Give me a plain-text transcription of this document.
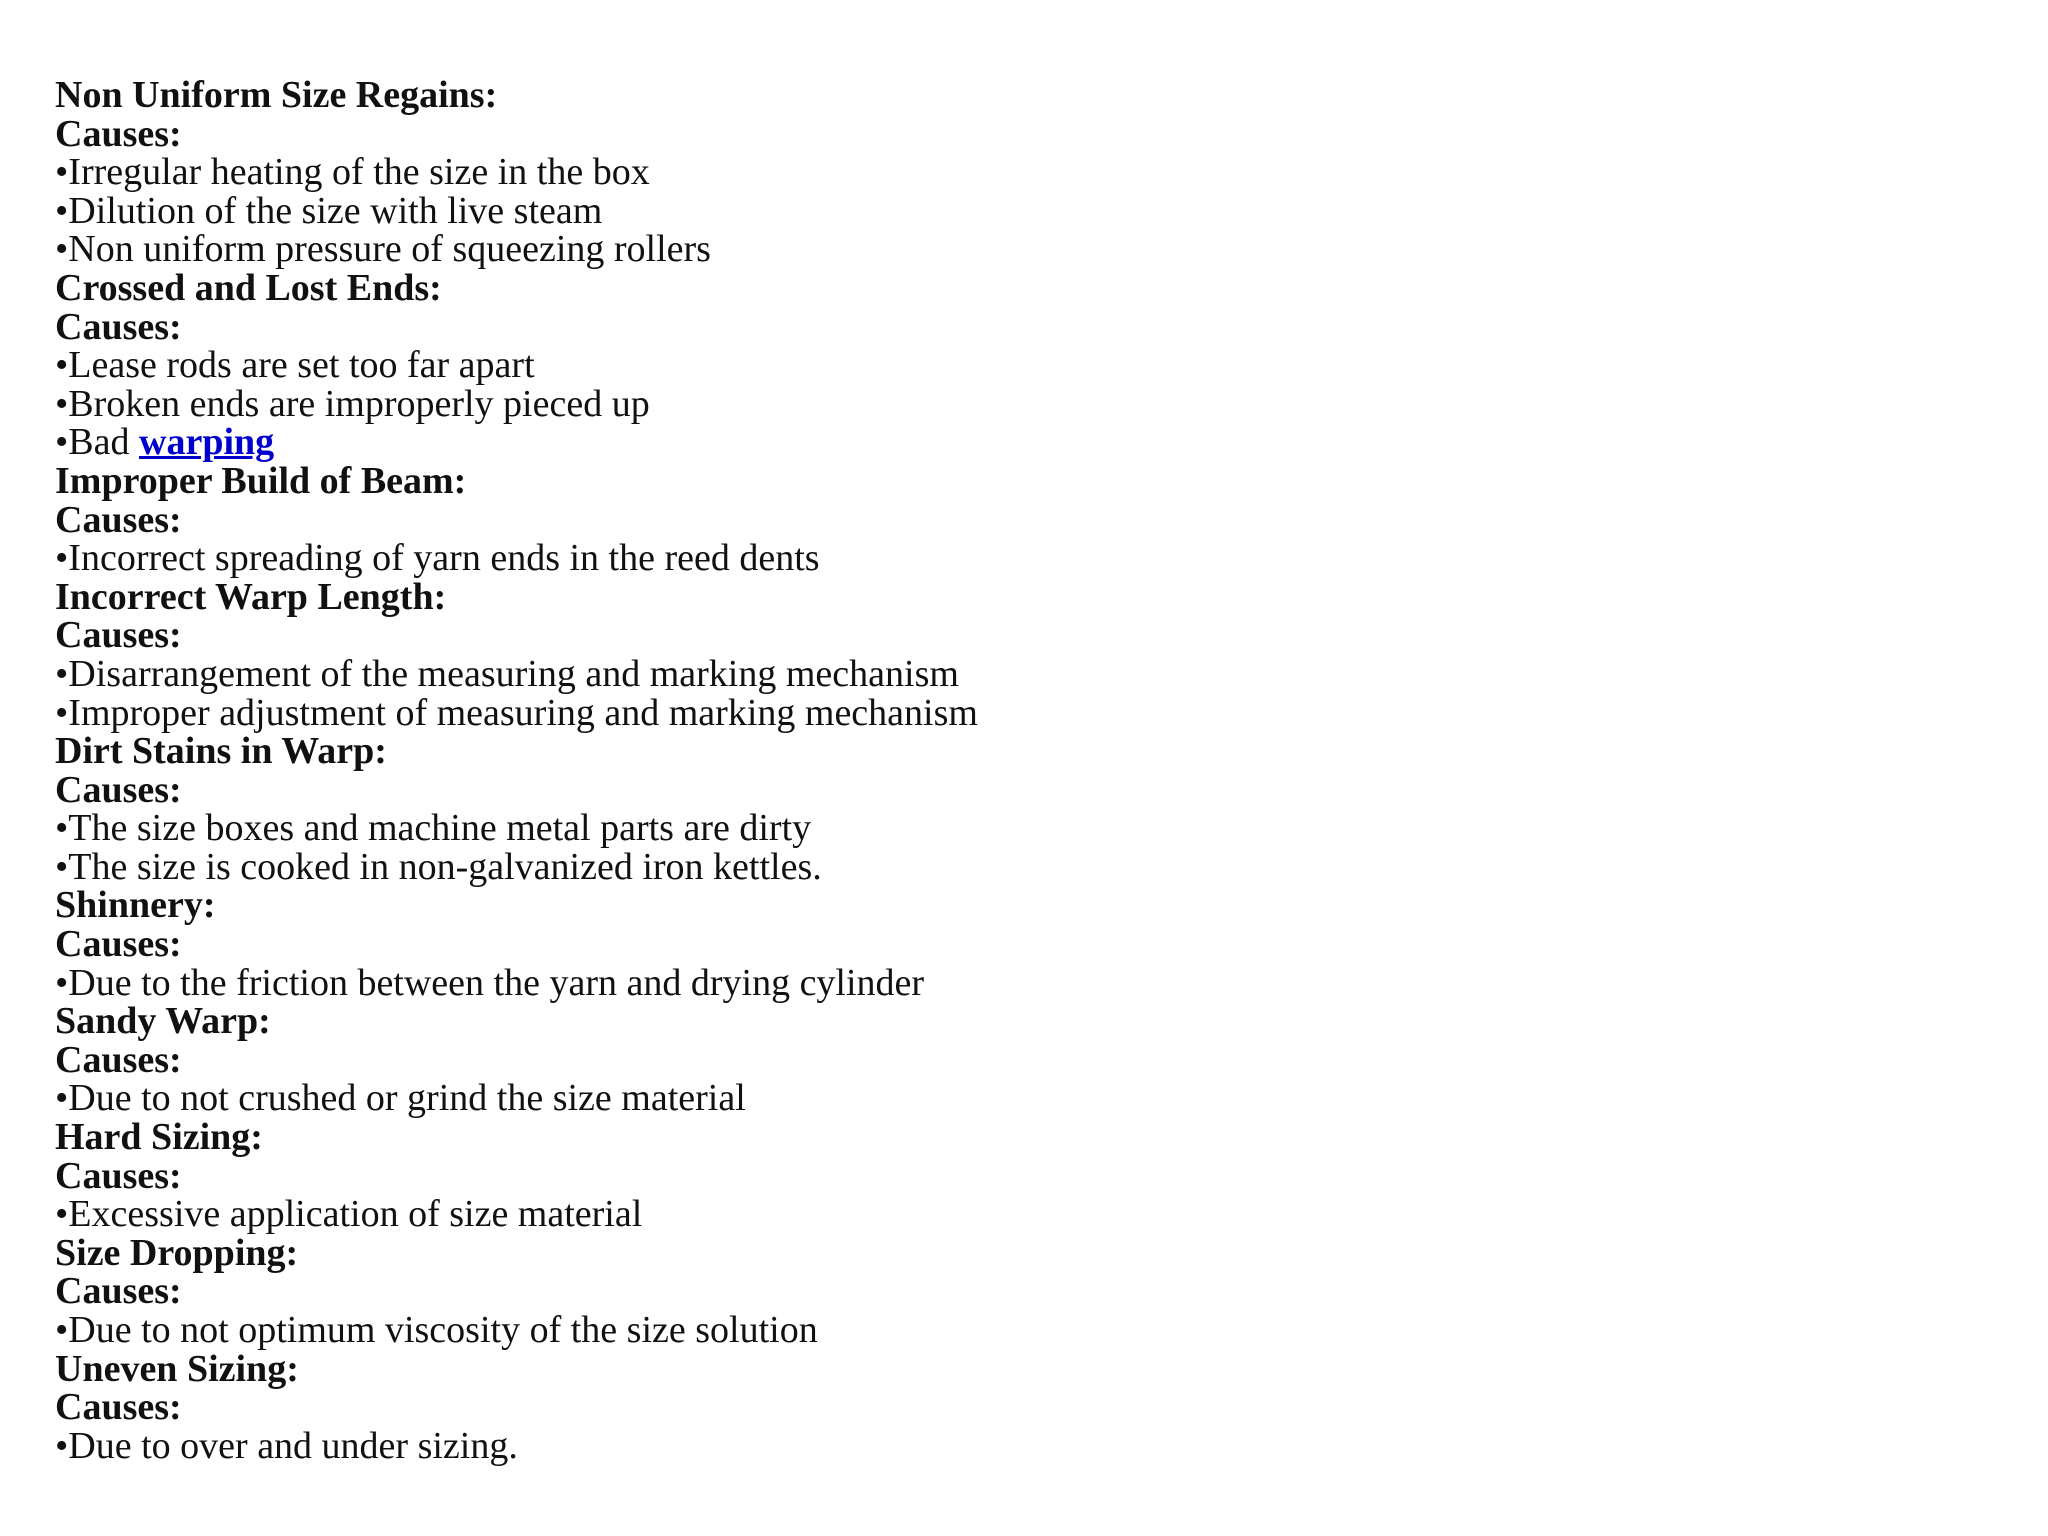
Non Uniform Size Regains:
Causes:
•Irregular heating of the size in the box
•Dilution of the size with live steam
•Non uniform pressure of squeezing rollers
Crossed and Lost Ends:
Causes:
•Lease rods are set too far apart
•Broken ends are improperly pieced up
•Bad warping
Improper Build of Beam:
Causes:
•Incorrect spreading of yarn ends in the reed dents
Incorrect Warp Length:
Causes:
•Disarrangement of the measuring and marking mechanism
•Improper adjustment of measuring and marking mechanism
Dirt Stains in Warp:
Causes:
•The size boxes and machine metal parts are dirty
•The size is cooked in non-galvanized iron kettles.
Shinnery:
Causes:
•Due to the friction between the yarn and drying cylinder
Sandy Warp:
Causes:
•Due to not crushed or grind the size material
Hard Sizing:
Causes:
•Excessive application of size material
Size Dropping:
Causes:
•Due to not optimum viscosity of the size solution
Uneven Sizing:
Causes:
•Due to over and under sizing.
